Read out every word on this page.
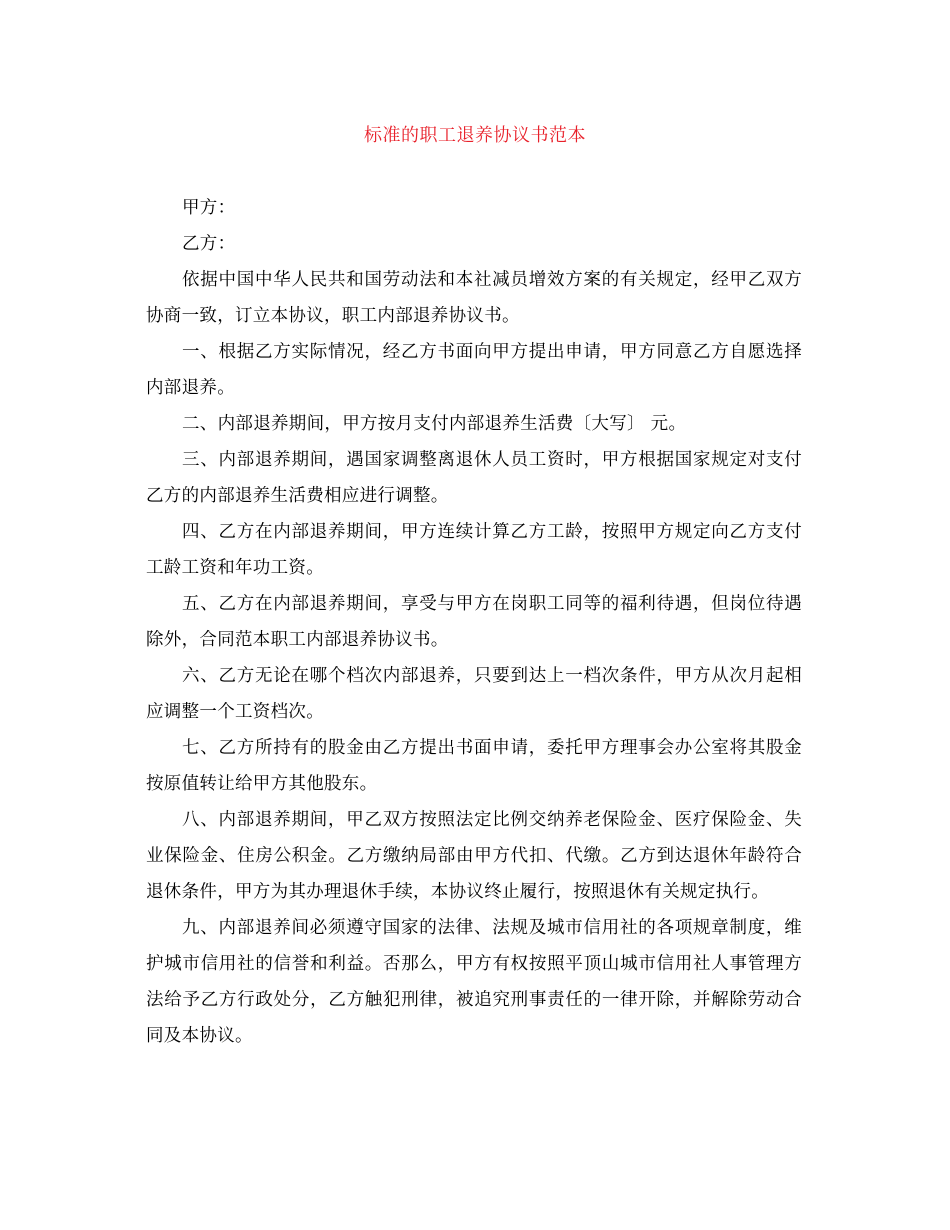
标准的职工退养协议书范本

甲方：

乙方：

依据中国中华人民共和国劳动法和本社减员增效方案的有关规定，经甲乙双方协商一致，订立本协议，职工内部退养协议书。

一、根据乙方实际情况，经乙方书面向甲方提出申请，甲方同意乙方自愿选择内部退养。

二、内部退养期间，甲方按月支付内部退养生活费〔大写〕 元。

三、内部退养期间，遇国家调整离退休人员工资时，甲方根据国家规定对支付乙方的内部退养生活费相应进行调整。

四、乙方在内部退养期间，甲方连续计算乙方工龄，按照甲方规定向乙方支付工龄工资和年功工资。

五、乙方在内部退养期间，享受与甲方在岗职工同等的福利待遇，但岗位待遇除外，合同范本职工内部退养协议书。

六、乙方无论在哪个档次内部退养，只要到达上一档次条件，甲方从次月起相应调整一个工资档次。

七、乙方所持有的股金由乙方提出书面申请，委托甲方理事会办公室将其股金按原值转让给甲方其他股东。

八、内部退养期间，甲乙双方按照法定比例交纳养老保险金、医疗保险金、失业保险金、住房公积金。乙方缴纳局部由甲方代扣、代缴。乙方到达退休年龄符合退休条件，甲方为其办理退休手续，本协议终止履行，按照退休有关规定执行。

九、内部退养间必须遵守国家的法律、法规及城市信用社的各项规章制度，维护城市信用社的信誉和利益。否那么，甲方有权按照平顶山城市信用社人事管理方法给予乙方行政处分，乙方触犯刑律，被追究刑事责任的一律开除，并解除劳动合同及本协议。
